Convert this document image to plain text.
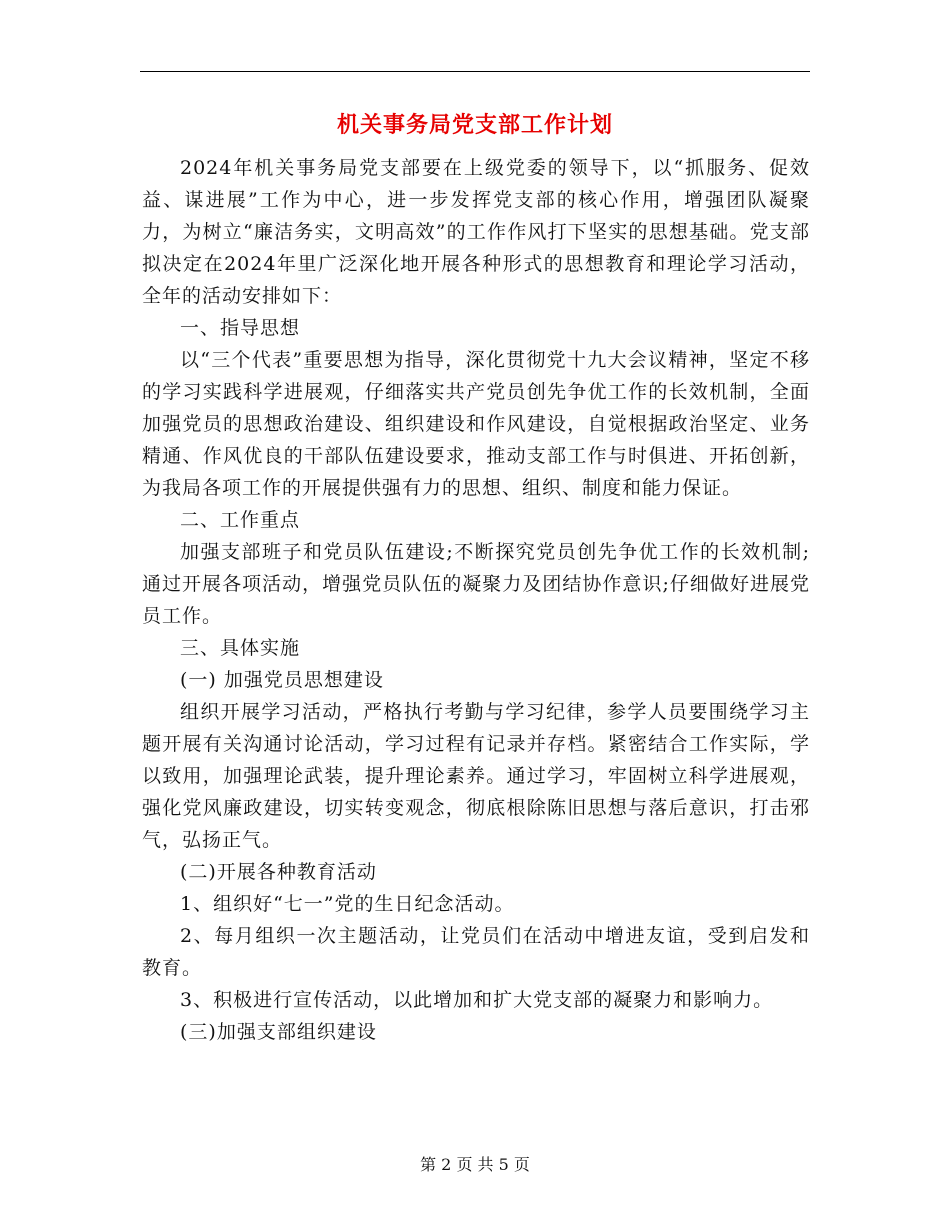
机关事务局党支部工作计划

2024年机关事务局党支部要在上级党委的领导下，以“抓服务、促效益、谋进展”工作为中心，进一步发挥党支部的核心作用，增强团队凝聚力，为树立“廉洁务实，文明高效”的工作作风打下坚实的思想基础。党支部拟决定在2024年里广泛深化地开展各种形式的思想教育和理论学习活动，全年的活动安排如下：

一、指导思想

以“三个代表”重要思想为指导，深化贯彻党十九大会议精神，坚定不移的学习实践科学进展观，仔细落实共产党员创先争优工作的长效机制，全面加强党员的思想政治建设、组织建设和作风建设，自觉根据政治坚定、业务精通、作风优良的干部队伍建设要求，推动支部工作与时俱进、开拓创新，为我局各项工作的开展提供强有力的思想、组织、制度和能力保证。

二、工作重点

加强支部班子和党员队伍建设;不断探究党员创先争优工作的长效机制;通过开展各项活动，增强党员队伍的凝聚力及团结协作意识;仔细做好进展党员工作。

三、具体实施

(一) 加强党员思想建设

组织开展学习活动，严格执行考勤与学习纪律，参学人员要围绕学习主题开展有关沟通讨论活动，学习过程有记录并存档。紧密结合工作实际，学以致用，加强理论武装，提升理论素养。通过学习，牢固树立科学进展观，强化党风廉政建设，切实转变观念，彻底根除陈旧思想与落后意识，打击邪气，弘扬正气。

(二)开展各种教育活动

1、组织好“七一”党的生日纪念活动。

2、每月组织一次主题活动，让党员们在活动中增进友谊，受到启发和教育。

3、积极进行宣传活动，以此增加和扩大党支部的凝聚力和影响力。

(三)加强支部组织建设

第 2 页 共 5 页
